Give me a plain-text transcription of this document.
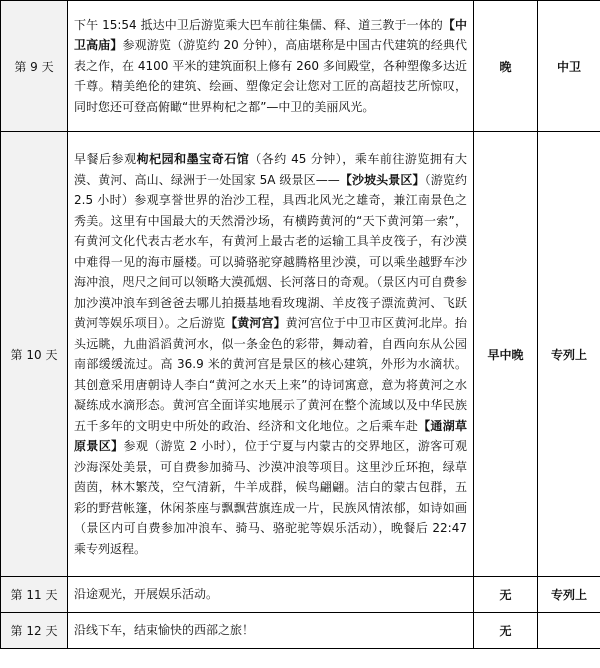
第 9 天	下午 15:54 抵达中卫后游览乘大巴车前往集儒、释、道三教于一体的【中卫高庙】参观游览（游览约 20 分钟），高庙堪称是中国古代建筑的经典代表之作，在 4100 平米的建筑面积上修有 260 多间殿堂，各种塑像多达近千尊。精美绝伦的建筑、绘画、塑像定会让您对工匠的高超技艺所惊叹，同时您还可登高俯瞰“世界枸杞之都”—中卫的美丽风光。	晚	中卫
第 10 天	早餐后参观枸杞园和墨宝奇石馆（各约 45 分钟），乘车前往游览拥有大漠、黄河、高山、绿洲于一处国家 5A 级景区——【沙坡头景区】（游览约 2.5 小时）参观享誉世界的治沙工程，具西北风光之雄奇，兼江南景色之秀美。这里有中国最大的天然滑沙场，有横跨黄河的“天下黄河第一索”，有黄河文化代表古老水车，有黄河上最古老的运输工具羊皮筏子，有沙漠中难得一见的海市蜃楼。可以骑骆驼穿越腾格里沙漠，可以乘坐越野车沙海冲浪，咫尺之间可以领略大漠孤烟、长河落日的奇观。（景区内可自费参加沙漠冲浪车到爸爸去哪儿拍摄基地看玫瑰湖、羊皮筏子漂流黄河、飞跃黄河等娱乐项目）。之后游览【黄河宫】黄河宫位于中卫市区黄河北岸。抬头远眺，九曲滔滔黄河水，似一条金色的彩带，舞动着，自西向东从公园南部缓缓流过。高 36.9 米的黄河宫是景区的核心建筑，外形为水滴状。其创意采用唐朝诗人李白“黄河之水天上来”的诗词寓意，意为将黄河之水凝练成水滴形态。黄河宫全面详实地展示了黄河在整个流域以及中华民族五千多年的文明史中所处的政治、经济和文化地位。之后乘车赴【通湖草原景区】参观（游览 2 小时），位于宁夏与内蒙古的交界地区，游客可观沙海深处美景，可自费参加骑马、沙漠冲浪等项目。这里沙丘环抱，绿草茵茵，林木繁茂，空气清新，牛羊成群，候鸟翩翩。洁白的蒙古包群，五彩的野营帐篷，休闲茶座与飘飘营旗连成一片，民族风情浓郁，如诗如画（景区内可自费参加冲浪车、骑马、骆驼驼等娱乐活动），晚餐后 22:47 乘专列返程。	早中晚	专列上
第 11 天	沿途观光，开展娱乐活动。	无	专列上
第 12 天	沿线下车，结束愉快的西部之旅！	无	
